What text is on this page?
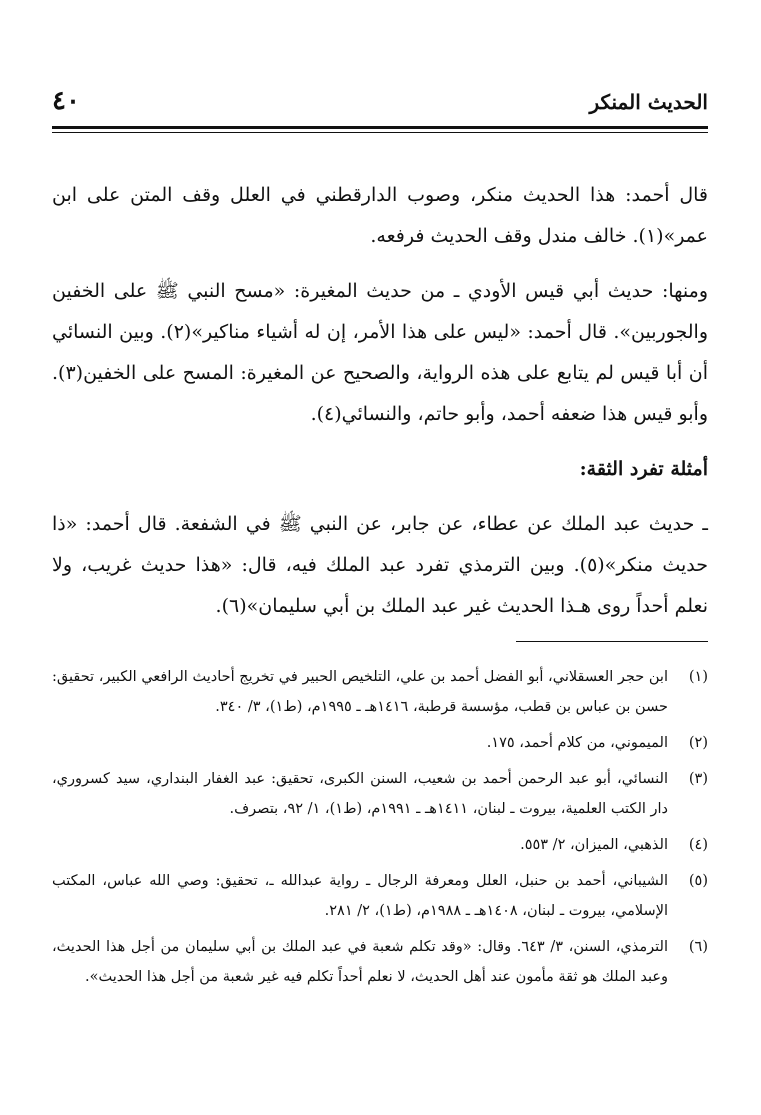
الحديث المنكر
٤٠

قال أحمد: هذا الحديث منكر، وصوب الدارقطني في العلل وقف المتن على ابن عمر»(١). خالف مندل وقف الحديث فرفعه.

ومنها: حديث أبي قيس الأودي ـ من حديث المغيرة: «مسح النبي ﷺ على الخفين والجوربين». قال أحمد: «ليس على هذا الأمر، إن له أشياء مناكير»(٢). وبين النسائي أن أبا قيس لم يتابع على هذه الرواية، والصحيح عن المغيرة: المسح على الخفين(٣). وأبو قيس هذا ضعفه أحمد، وأبو حاتم، والنسائي(٤).

أمثلة تفرد الثقة:

ـ حديث عبد الملك عن عطاء، عن جابر، عن النبي ﷺ في الشفعة. قال أحمد: «ذا حديث منكر»(٥). وبين الترمذي تفرد عبد الملك فيه، قال: «هذا حديث غريب، ولا نعلم أحداً روى هـذا الحديث غير عبد الملك بن أبي سليمان»(٦).

(١)
ابن حجر العسقلاني، أبو الفضل أحمد بن علي، التلخيص الحبير في تخريج أحاديث الرافعي الكبير، تحقيق: حسن بن عباس بن قطب، مؤسسة قرطبة، ١٤١٦هـ ـ ١٩٩٥م، (ط١)، ٣/ ٣٤٠.
(٢)
الميموني، من كلام أحمد، ١٧٥.
(٣)
النسائي، أبو عبد الرحمن أحمد بن شعيب، السنن الكبرى، تحقيق: عبد الغفار البنداري، سيد كسروري، دار الكتب العلمية، بيروت ـ لبنان، ١٤١١هـ ـ ١٩٩١م، (ط١)، ١/ ٩٢، بتصرف.
(٤)
الذهبي، الميزان، ٢/ ٥٥٣.
(٥)
الشيباني، أحمد بن حنبل، العلل ومعرفة الرجال ـ رواية عبدالله ـ، تحقيق: وصي الله عباس، المكتب الإسلامي، بيروت ـ لبنان، ١٤٠٨هـ ـ ١٩٨٨م، (ط١)، ٢/ ٢٨١.
(٦)
الترمذي، السنن، ٣/ ٦٤٣. وقال: «وقد تكلم شعبة في عبد الملك بن أبي سليمان من أجل هذا الحديث، وعبد الملك هو ثقة مأمون عند أهل الحديث، لا نعلم أحداً تكلم فيه غير شعبة من أجل هذا الحديث».
